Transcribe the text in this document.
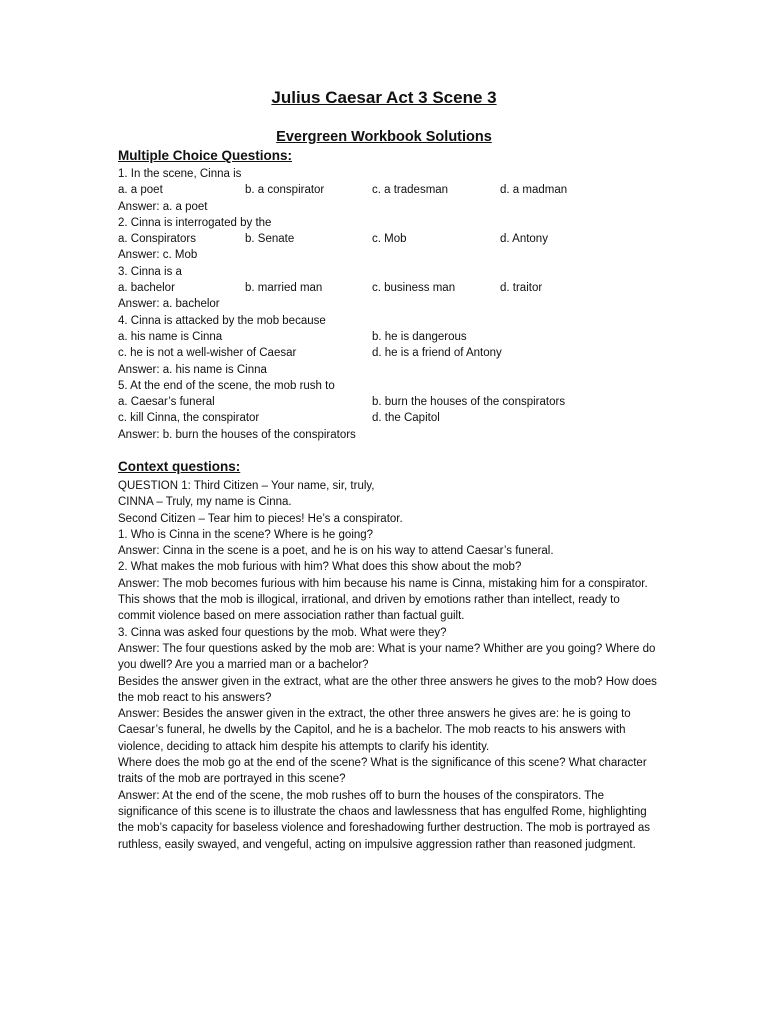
Julius Caesar Act 3 Scene 3
Evergreen Workbook Solutions
Multiple Choice Questions:
1. In the scene, Cinna is
a. a poet	b. a conspirator	c. a tradesman	d. a madman
Answer: a. a poet
2. Cinna is interrogated by the
a. Conspirators	b. Senate	c. Mob	d. Antony
Answer: c. Mob
3. Cinna is a
a. bachelor	b. married man	c. business man	d. traitor
Answer: a. bachelor
4. Cinna is attacked by the mob because
a. his name is Cinna	b. he is dangerous
c. he is not a well-wisher of Caesar	d. he is a friend of Antony
Answer: a. his name is Cinna
5. At the end of the scene, the mob rush to
a. Caesar’s funeral	b. burn the houses of the conspirators
c. kill Cinna, the conspirator	d. the Capitol
Answer: b. burn the houses of the conspirators
Context questions:
QUESTION 1: Third Citizen – Your name, sir, truly,
CINNA – Truly, my name is Cinna.
Second Citizen – Tear him to pieces! He’s a conspirator.

1. Who is Cinna in the scene? Where is he going?

Answer: Cinna in the scene is a poet, and he is on his way to attend Caesar’s funeral.

2. What makes the mob furious with him? What does this show about the mob?

Answer: The mob becomes furious with him because his name is Cinna, mistaking him for a conspirator. This shows that the mob is illogical, irrational, and driven by emotions rather than intellect, ready to commit violence based on mere association rather than factual guilt.

3. Cinna was asked four questions by the mob. What were they?

Answer: The four questions asked by the mob are: What is your name? Whither are you going? Where do you dwell? Are you a married man or a bachelor?

Besides the answer given in the extract, what are the other three answers he gives to the mob? How does the mob react to his answers?

Answer: Besides the answer given in the extract, the other three answers he gives are: he is going to Caesar’s funeral, he dwells by the Capitol, and he is a bachelor. The mob reacts to his answers with violence, deciding to attack him despite his attempts to clarify his identity.

Where does the mob go at the end of the scene? What is the significance of this scene? What character traits of the mob are portrayed in this scene?

Answer: At the end of the scene, the mob rushes off to burn the houses of the conspirators. The significance of this scene is to illustrate the chaos and lawlessness that has engulfed Rome, highlighting the mob’s capacity for baseless violence and foreshadowing further destruction. The mob is portrayed as ruthless, easily swayed, and vengeful, acting on impulsive aggression rather than reasoned judgment.
